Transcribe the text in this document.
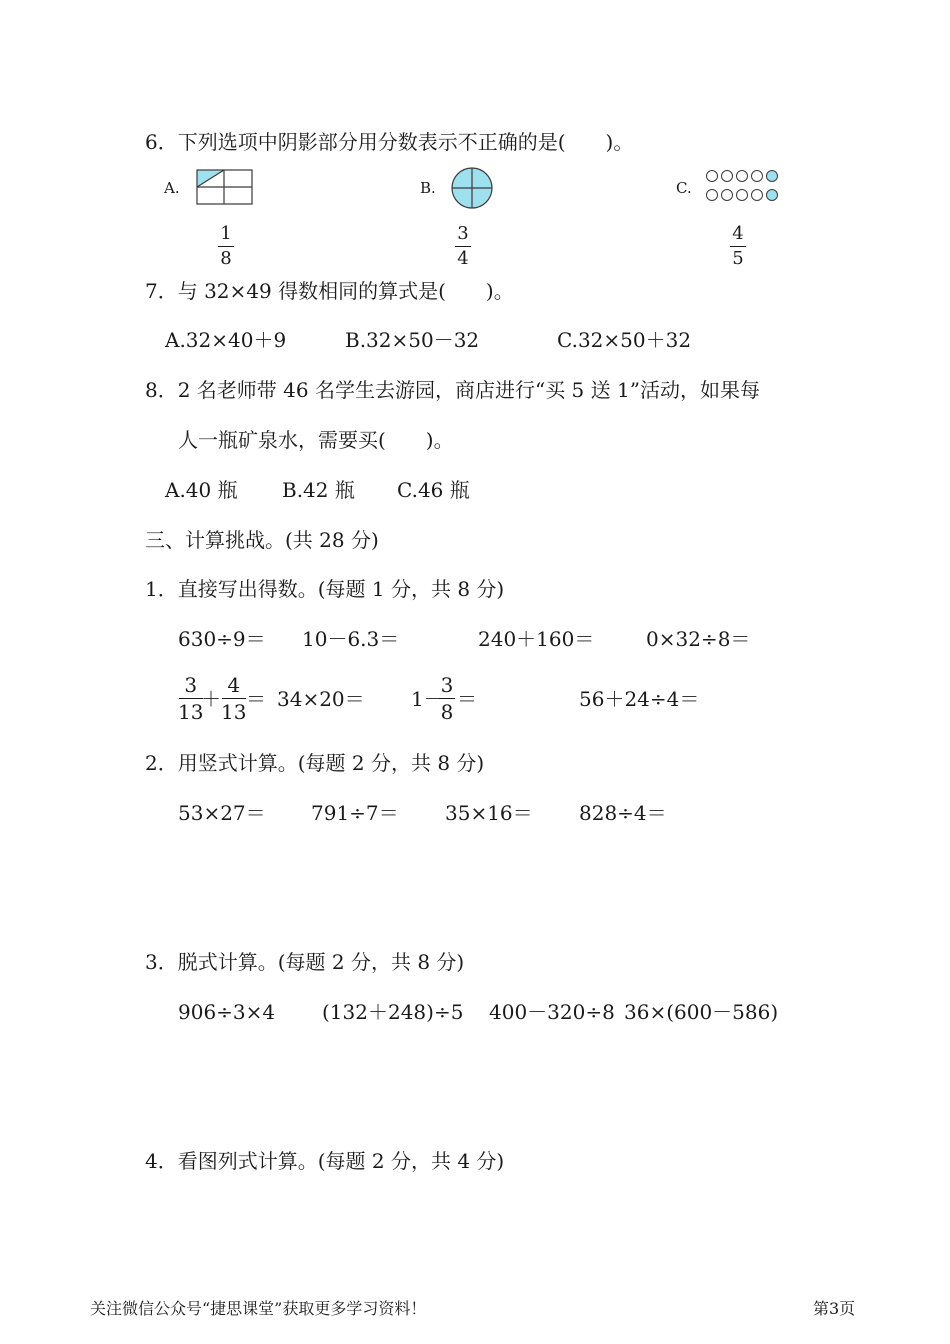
6．下列选项中阴影部分用分数表示不正确的是(　　)。
A.
1
8
B.
3
4
C.
4
5
7．与 32×49 得数相同的算式是(　　)。
A.32×40＋9	B.32×50－32	C.32×50＋32
8．2 名老师带 46 名学生去游园，商店进行“买 5 送 1”活动，如果每
人一瓶矿泉水，需要买(　　)。
A.40 瓶 B.42 瓶 C.46 瓶
三、计算挑战。(共 28 分)
1．直接写出得数。(每题 1 分，共 8 分)
630÷9＝ 10－6.3＝	240＋160＝	0×32÷8＝
3
13
＋
4
13
＝ 34×20＝ 1－
3
8
＝	56＋24÷4＝
2．用竖式计算。(每题 2 分，共 8 分)
53×27＝ 791÷7＝ 35×16＝ 828÷4＝
3．脱式计算。(每题 2 分，共 8 分)
906÷3×4 (132＋248)÷5 400－320÷8 36×(600－586)
4．看图列式计算。(每题 2 分，共 4 分)
关注微信公众号“捷思课堂”获取更多学习资料！	第3页
